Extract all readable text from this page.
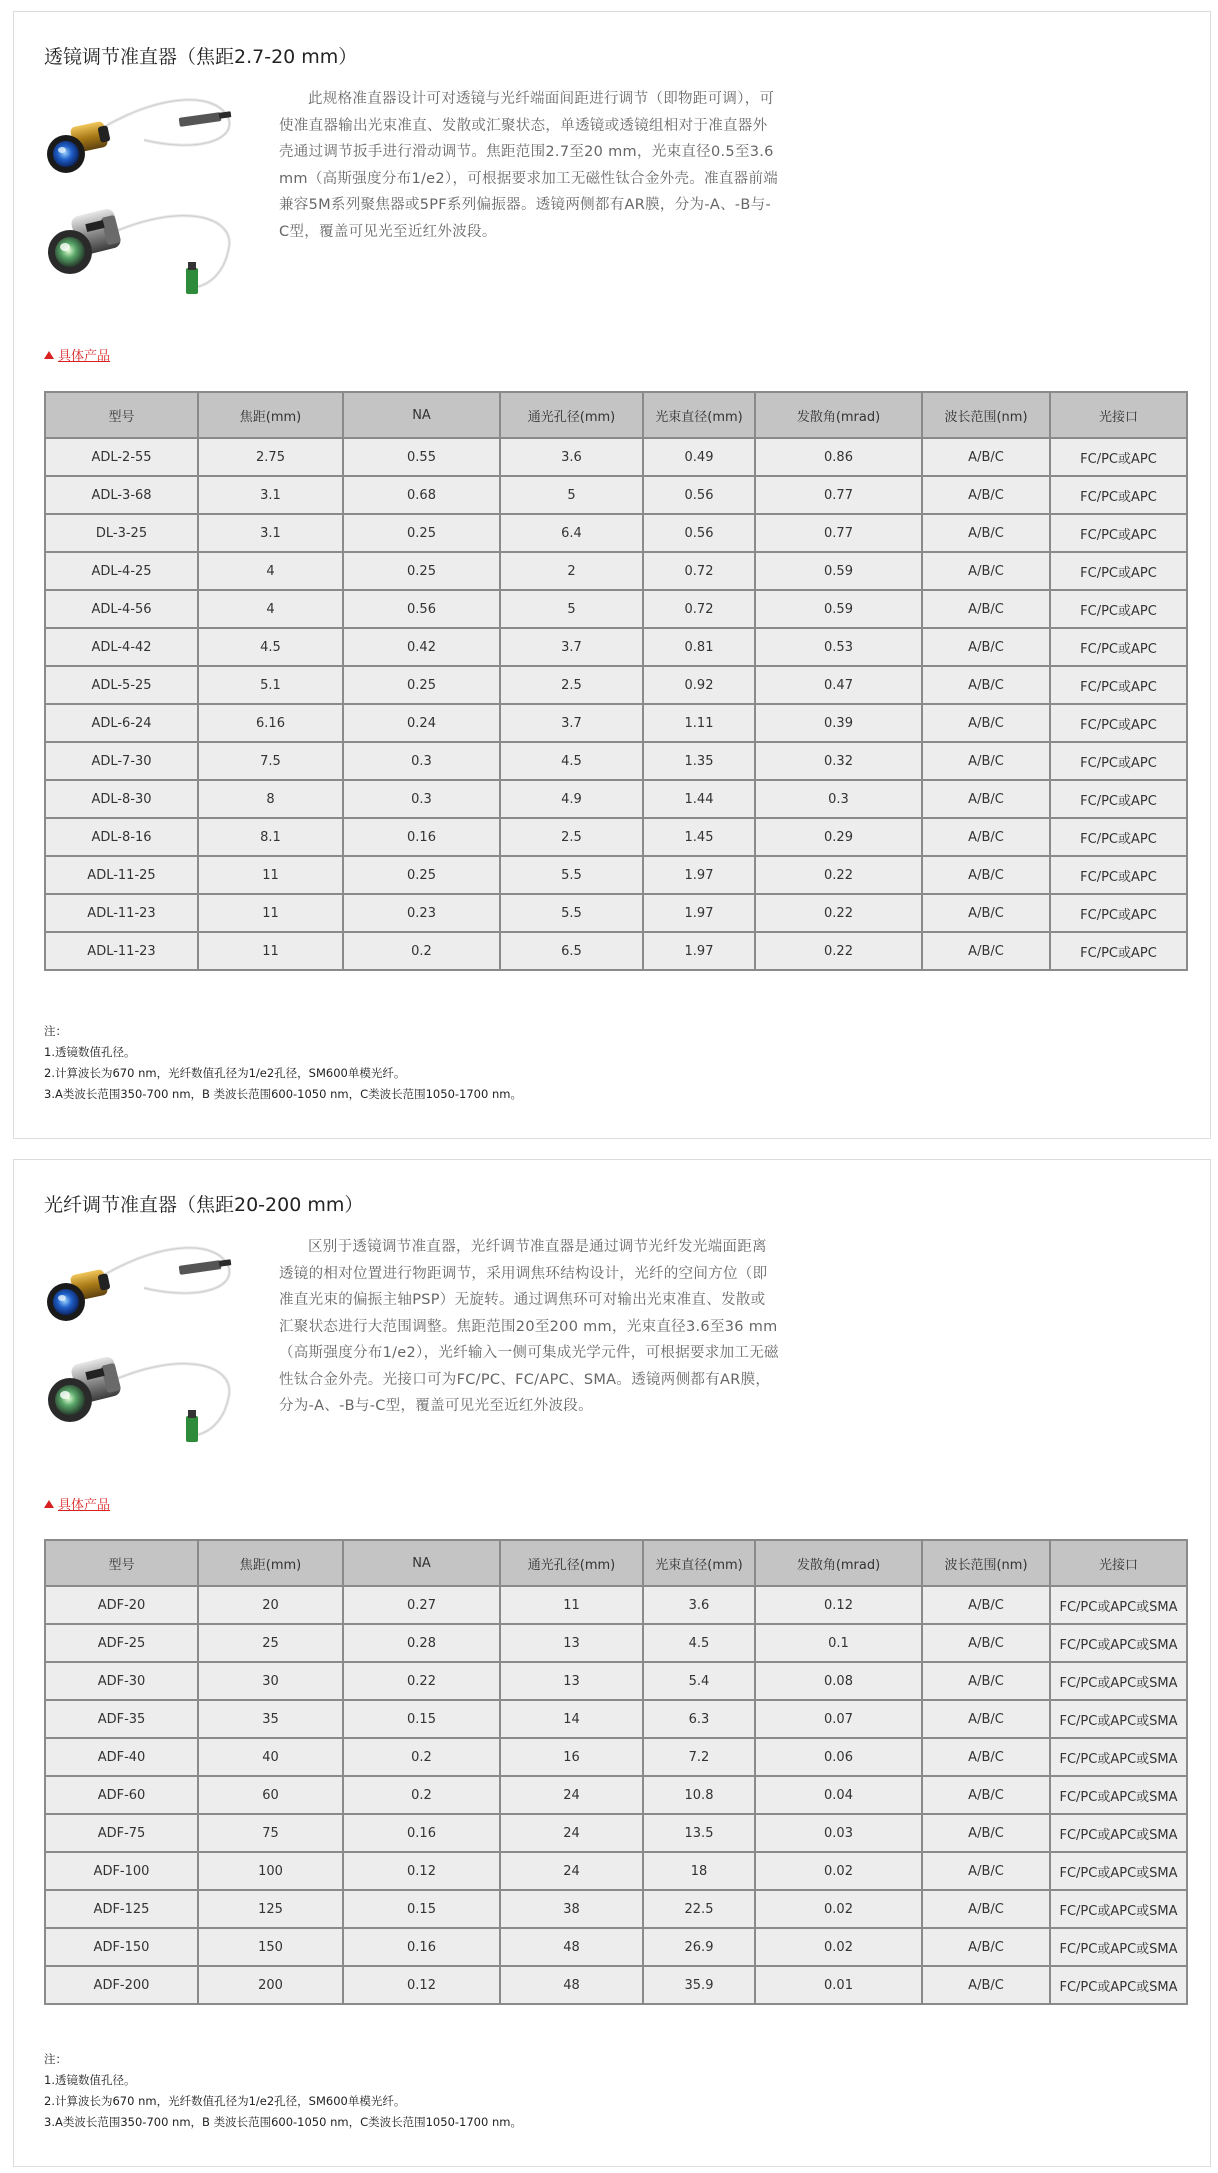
透镜调节准直器（焦距2.7-20 mm）

此规格准直器设计可对透镜与光纤端面间距进行调节（即物距可调），可使准直器输出光束准直、发散或汇聚状态，单透镜或透镜组相对于准直器外壳通过调节扳手进行滑动调节。焦距范围2.7至20 mm，光束直径0.5至3.6 mm（高斯强度分布1/e2），可根据要求加工无磁性钛合金外壳。准直器前端兼容5M系列聚焦器或5PF系列偏振器。透镜两侧都有AR膜，分为-A、-B与-C型，覆盖可见光至近红外波段。

具体产品
型号	焦距(mm)	NA	通光孔径(mm)	光束直径(mm)	发散角(mrad)	波长范围(nm)	光接口
ADL-2-55	2.75	0.55	3.6	0.49	0.86	A/B/C	FC/PC或APC
ADL-3-68	3.1	0.68	5	0.56	0.77	A/B/C	FC/PC或APC
DL-3-25	3.1	0.25	6.4	0.56	0.77	A/B/C	FC/PC或APC
ADL-4-25	4	0.25	2	0.72	0.59	A/B/C	FC/PC或APC
ADL-4-56	4	0.56	5	0.72	0.59	A/B/C	FC/PC或APC
ADL-4-42	4.5	0.42	3.7	0.81	0.53	A/B/C	FC/PC或APC
ADL-5-25	5.1	0.25	2.5	0.92	0.47	A/B/C	FC/PC或APC
ADL-6-24	6.16	0.24	3.7	1.11	0.39	A/B/C	FC/PC或APC
ADL-7-30	7.5	0.3	4.5	1.35	0.32	A/B/C	FC/PC或APC
ADL-8-30	8	0.3	4.9	1.44	0.3	A/B/C	FC/PC或APC
ADL-8-16	8.1	0.16	2.5	1.45	0.29	A/B/C	FC/PC或APC
ADL-11-25	11	0.25	5.5	1.97	0.22	A/B/C	FC/PC或APC
ADL-11-23	11	0.23	5.5	1.97	0.22	A/B/C	FC/PC或APC
ADL-11-23	11	0.2	6.5	1.97	0.22	A/B/C	FC/PC或APC
注：
1.透镜数值孔径。
2.计算波长为670 nm，光纤数值孔径为1/e2孔径，SM600单模光纤。
3.A类波长范围350-700 nm，B 类波长范围600-1050 nm，C类波长范围1050-1700 nm。
光纤调节准直器（焦距20-200 mm）

区别于透镜调节准直器，光纤调节准直器是通过调节光纤发光端面距离透镜的相对位置进行物距调节，采用调焦环结构设计，光纤的空间方位（即准直光束的偏振主轴PSP）无旋转。通过调焦环可对输出光束准直、发散或汇聚状态进行大范围调整。焦距范围20至200 mm，光束直径3.6至36 mm（高斯强度分布1/e2），光纤输入一侧可集成光学元件，可根据要求加工无磁性钛合金外壳。光接口可为FC/PC、FC/APC、SMA。透镜两侧都有AR膜，分为-A、-B与-C型，覆盖可见光至近红外波段。

具体产品
型号	焦距(mm)	NA	通光孔径(mm)	光束直径(mm)	发散角(mrad)	波长范围(nm)	光接口
ADF-20	20	0.27	11	3.6	0.12	A/B/C	FC/PC或APC或SMA
ADF-25	25	0.28	13	4.5	0.1	A/B/C	FC/PC或APC或SMA
ADF-30	30	0.22	13	5.4	0.08	A/B/C	FC/PC或APC或SMA
ADF-35	35	0.15	14	6.3	0.07	A/B/C	FC/PC或APC或SMA
ADF-40	40	0.2	16	7.2	0.06	A/B/C	FC/PC或APC或SMA
ADF-60	60	0.2	24	10.8	0.04	A/B/C	FC/PC或APC或SMA
ADF-75	75	0.16	24	13.5	0.03	A/B/C	FC/PC或APC或SMA
ADF-100	100	0.12	24	18	0.02	A/B/C	FC/PC或APC或SMA
ADF-125	125	0.15	38	22.5	0.02	A/B/C	FC/PC或APC或SMA
ADF-150	150	0.16	48	26.9	0.02	A/B/C	FC/PC或APC或SMA
ADF-200	200	0.12	48	35.9	0.01	A/B/C	FC/PC或APC或SMA
注：
1.透镜数值孔径。
2.计算波长为670 nm，光纤数值孔径为1/e2孔径，SM600单模光纤。
3.A类波长范围350-700 nm，B 类波长范围600-1050 nm，C类波长范围1050-1700 nm。
